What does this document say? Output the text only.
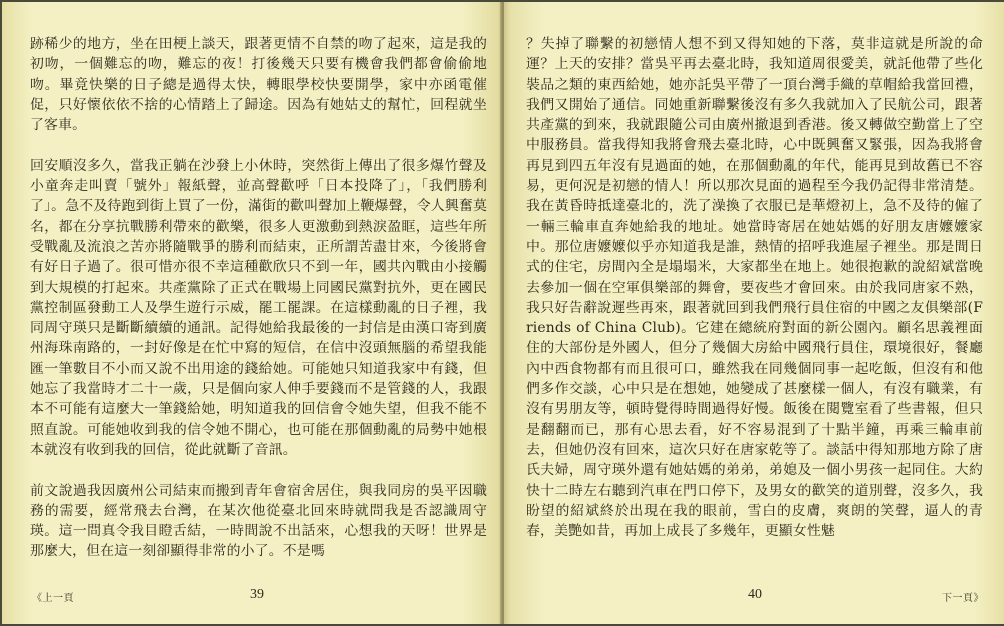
跡稀少的地方，坐在田梗上談天，跟著更情不自禁的吻了起來，這是我的初吻，一個難忘的吻，難忘的夜！打後幾天只要有機會我們都會偷偷地吻。畢竟快樂的日子總是過得太快，轉眼學校快要開學，家中亦函電催促，只好懷依依不捨的心情踏上了歸途。因為有她姑丈的幫忙，回程就坐了客車。

回安順沒多久，當我正躺在沙發上小休時，突然街上傳出了很多爆竹聲及小童奔走叫賣「號外」報紙聲，並高聲歡呼「日本投降了」，「我們勝利了」。急不及待跑到街上買了一份，滿街的歡叫聲加上鞭爆聲，令人興奮莫名，都在分享抗戰勝利帶來的歡樂，很多人更激動到熱淚盈眶，這些年所受戰亂及流浪之苦亦將隨戰爭的勝利而結束，正所謂苦盡甘來，今後將會有好日子過了。很可惜亦很不幸這種歡欣只不到一年，國共內戰由小接觸到大規模的打起來。共產黨除了正式在戰場上同國民黨對抗外，更在國民黨控制區發動工人及學生遊行示威，罷工罷課。在這樣動亂的日子裡，我同周守瑛只是斷斷續續的通訊。記得她給我最後的一封信是由漢口寄到廣州海珠南路的，一封好像是在忙中寫的短信，在信中沒頭無腦的希望我能匯一筆數目不小而又說不出用途的錢給她。可能她只知道我家中有錢，但她忘了我當時才二十一歲，只是個向家人伸手要錢而不是管錢的人，我跟本不可能有這麼大一筆錢給她，明知道我的回信會令她失望，但我不能不照直說。可能她收到我的信令她不開心，也可能在那個動亂的局勢中她根本就沒有收到我的回信，從此就斷了音訊。

前文說過我因廣州公司結束而搬到青年會宿舍居住，與我同房的吳平因職務的需要，經常飛去台灣，在某次他從臺北回來時就問我是否認識周守瑛。這一問真令我目瞪舌結，一時間說不出話來，心想我的天呀！世界是那麼大，但在這一刻卻顯得非常的小了。不是嗎

《上一頁	39

？失掉了聯繫的初戀情人想不到又得知她的下落，莫非這就是所說的命運？上天的安排？當吳平再去臺北時，我知道周很愛美，就託他帶了些化裝品之類的東西給她，她亦託吳平帶了一頂台灣手織的草帽給我當回禮，我們又開始了通信。同她重新聯繫後沒有多久我就加入了民航公司，跟著共產黨的到來，我就跟隨公司由廣州撤退到香港。後又轉做空勤當上了空中服務員。當我得知我將會飛去臺北時，心中既興奮又緊張，因為我將會再見到四五年沒有見過面的她，在那個動亂的年代，能再見到故舊已不容易，更何況是初戀的情人！所以那次見面的過程至今我仍記得非常清楚。我在黃昏時抵達臺北的，洗了澡換了衣服已是華燈初上，急不及待的僱了一輛三輪車直奔她給我的地址。她當時寄居在她姑媽的好朋友唐嬤嬤家中。那位唐嬤嬤似乎亦知道我是誰，熱情的招呼我進屋子裡坐。那是間日式的住宅，房間內全是塌塌米，大家都坐在地上。她很抱歉的說紹斌當晚去參加一個在空軍俱樂部的舞會，要夜些才會回來。由於我同唐家不熟，我只好告辭說遲些再來，跟著就回到我們飛行員住宿的中國之友俱樂部(Friends of China Club)。它建在總統府對面的新公園內。顧名思義裡面住的大部份是外國人，但分了幾個大房給中國飛行員住，環境很好，餐廳內中西食物都有而且很可口，雖然我在同幾個同事一起吃飯，但沒有和他們多作交談，心中只是在想她，她變成了甚麼樣一個人，有沒有職業，有沒有男朋友等，頓時覺得時間過得好慢。飯後在閱覽室看了些書報，但只是翻翻而已，那有心思去看，好不容易混到了十點半鐘，再乘三輪車前去，但她仍沒有回來，這次只好在唐家乾等了。談話中得知那地方除了唐氏夫婦，周守瑛外還有她姑媽的弟弟，弟媳及一個小男孩一起同住。大約快十二時左右聽到汽車在門口停下，及男女的歡笑的道別聲，沒多久，我盼望的紹斌終於出現在我的眼前，雪白的皮膚，爽朗的笑聲，逼人的青春，美艷如昔，再加上成長了多幾年，更顯女性魅

40	下一頁》
